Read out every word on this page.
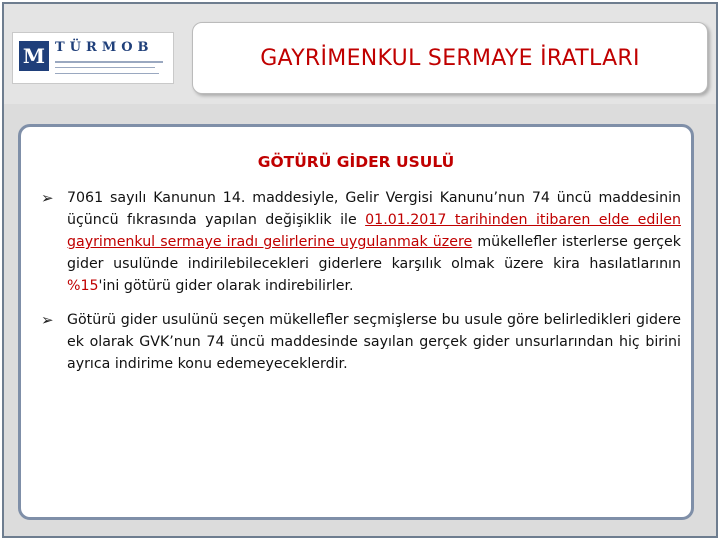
M TÜRMOB	GAYRİMENKUL SERMAYE İRATLARI
GÖTÜRÜ GİDER USULÜ
➢ 7061 sayılı Kanunun 14. maddesiyle, Gelir Vergisi Kanunu’nun 74 üncü maddesinin üçüncü fıkrasında yapılan değişiklik ile 01.01.2017 tarihinden itibaren elde edilen gayrimenkul sermaye iradı gelirlerine uygulanmak üzere mükellefler isterlerse gerçek gider usulünde indirilebilecekleri giderlere karşılık olmak üzere kira hasılatlarının %15'ini götürü gider olarak indirebilirler.
➢ Götürü gider usulünü seçen mükellefler seçmişlerse bu usule göre belirledikleri gidere ek olarak GVK’nun 74 üncü maddesinde sayılan gerçek gider unsurlarından hiç birini ayrıca indirime konu edemeyeceklerdir.
